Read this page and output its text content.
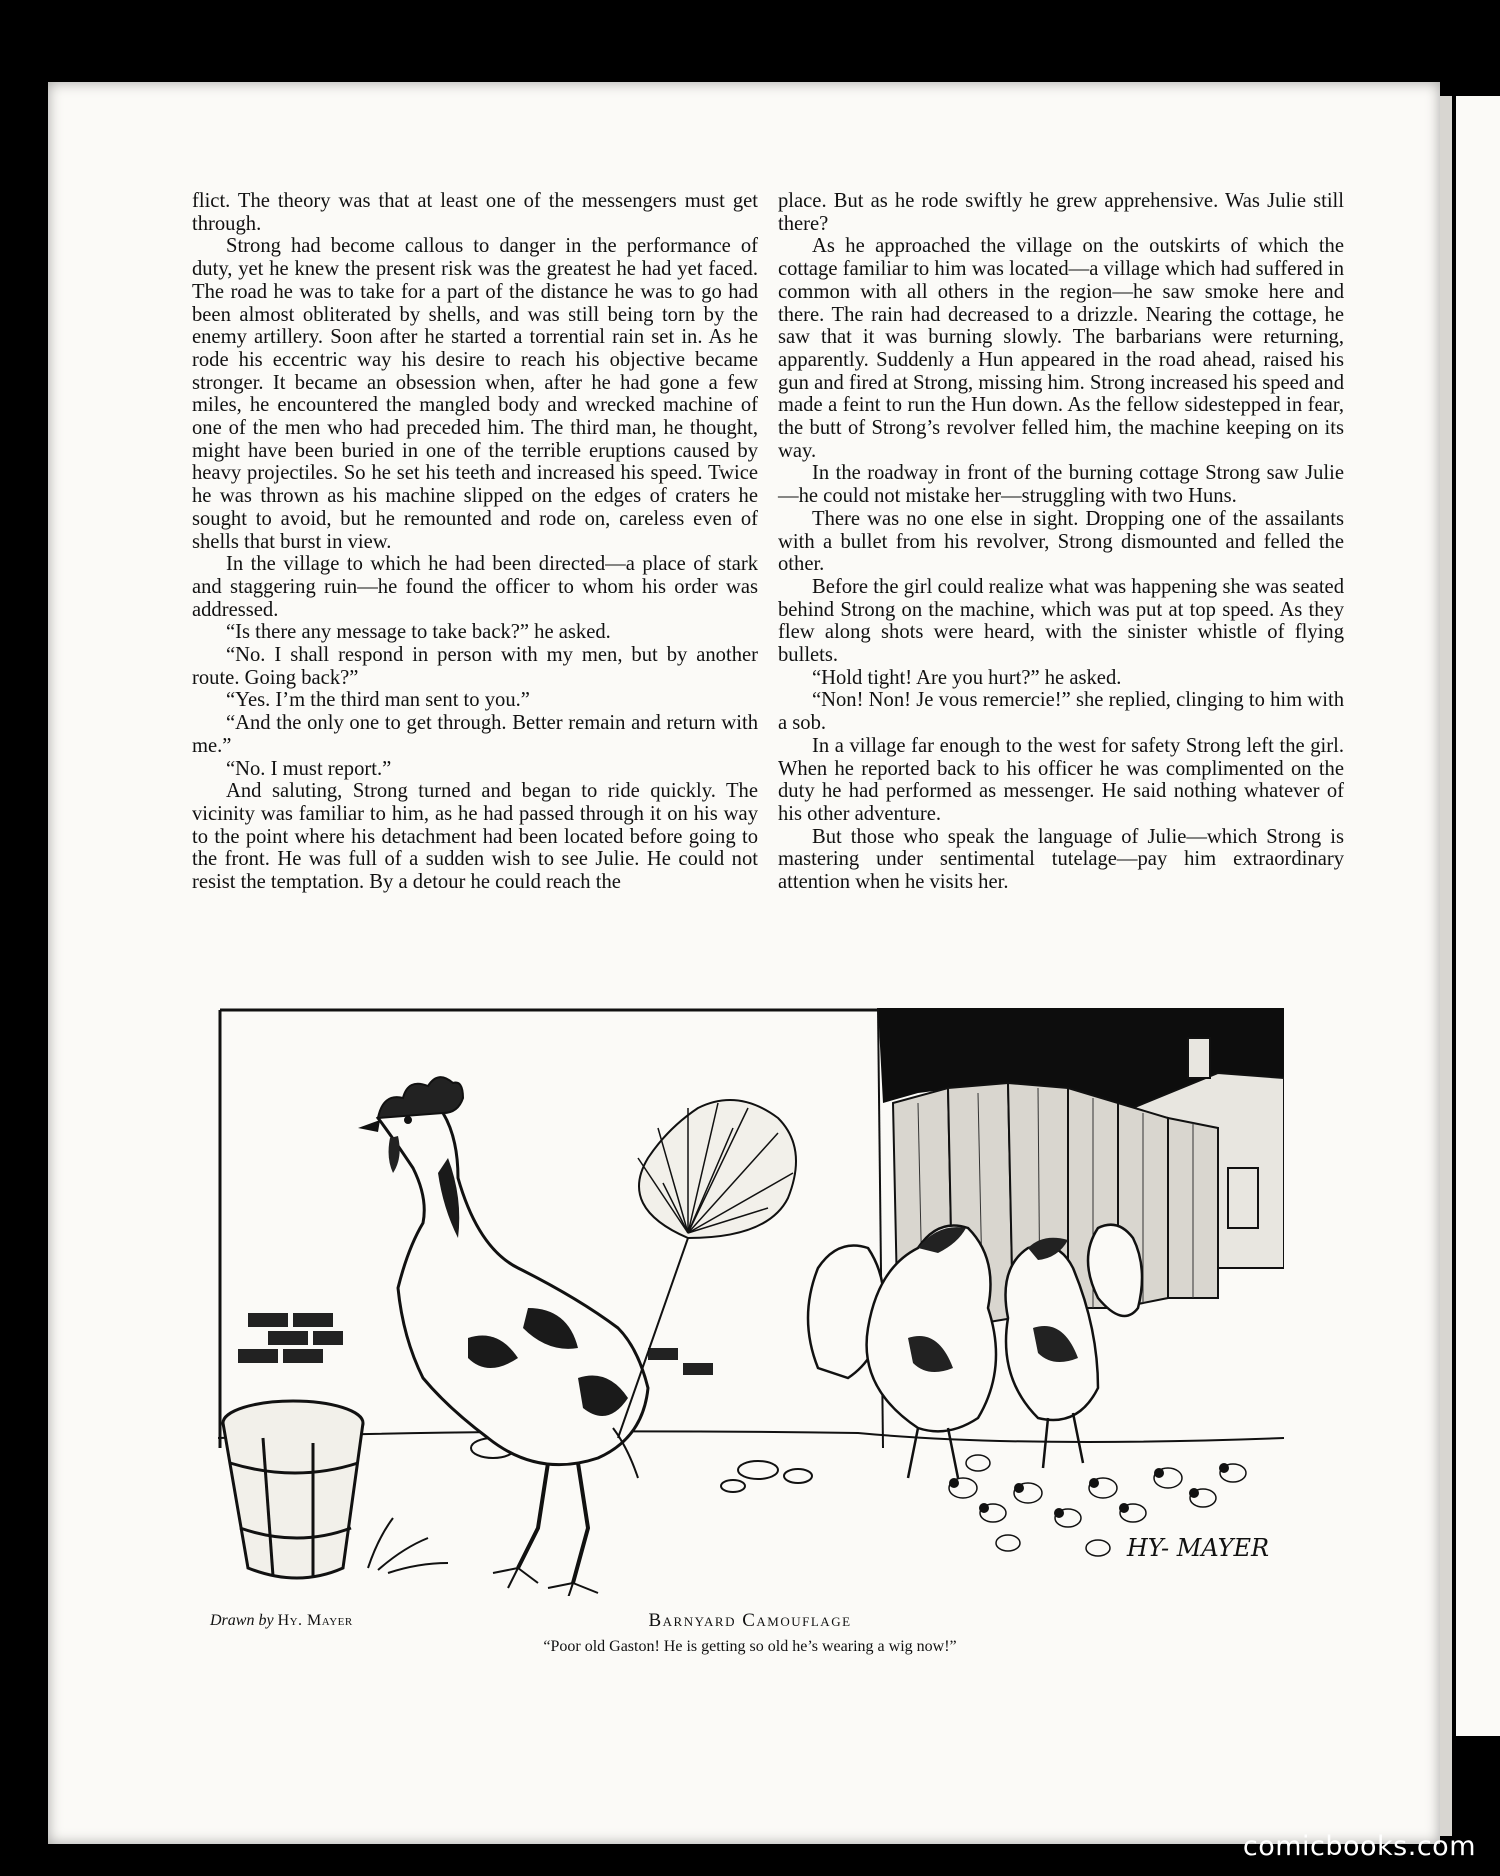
flict. The theory was that at least one of the messengers must get through.

Strong had become callous to danger in the performance of duty, yet he knew the present risk was the greatest he had yet faced. The road he was to take for a part of the distance he was to go had been almost obliterated by shells, and was still being torn by the enemy artillery. Soon after he started a torrential rain set in. As he rode his eccentric way his desire to reach his objective became stronger. It became an obsession when, after he had gone a few miles, he encountered the mangled body and wrecked machine of one of the men who had preceded him. The third man, he thought, might have been buried in one of the terrible eruptions caused by heavy projectiles. So he set his teeth and increased his speed. Twice he was thrown as his machine slipped on the edges of craters he sought to avoid, but he remounted and rode on, careless even of shells that burst in view.

In the village to which he had been directed—a place of stark and staggering ruin—he found the officer to whom his order was addressed.

“Is there any message to take back?” he asked.

“No. I shall respond in person with my men, but by another route. Going back?”

“Yes. I’m the third man sent to you.”

“And the only one to get through. Better remain and return with me.”

“No. I must report.”

And saluting, Strong turned and began to ride quickly. The vicinity was familiar to him, as he had passed through it on his way to the point where his detachment had been located before going to the front. He was full of a sudden wish to see Julie. He could not resist the temptation. By a detour he could reach the

place. But as he rode swiftly he grew apprehensive. Was Julie still there?

As he approached the village on the outskirts of which the cottage familiar to him was located—a village which had suffered in common with all others in the region—he saw smoke here and there. The rain had decreased to a drizzle. Nearing the cottage, he saw that it was burning slowly. The barbarians were returning, apparently. Suddenly a Hun appeared in the road ahead, raised his gun and fired at Strong, missing him. Strong increased his speed and made a feint to run the Hun down. As the fellow sidestepped in fear, the butt of Strong’s revolver felled him, the machine keeping on its way.

In the roadway in front of the burning cottage Strong saw Julie—he could not mistake her—struggling with two Huns.

There was no one else in sight. Dropping one of the assailants with a bullet from his revolver, Strong dismounted and felled the other.

Before the girl could realize what was happening she was seated behind Strong on the machine, which was put at top speed. As they flew along shots were heard, with the sinister whistle of flying bullets.

“Hold tight! Are you hurt?” he asked.

“Non! Non! Je vous remercie!” she replied, clinging to him with a sob.

In a village far enough to the west for safety Strong left the girl. When he reported back to his officer he was complimented on the duty he had performed as messenger. He said nothing whatever of his other adventure.

But those who speak the language of Julie—which Strong is mastering under sentimental tutelage—pay him extraordinary attention when he visits her.

HY- MAYER
Drawn by Hy. Mayer	Barnyard Camouflage
“Poor old Gaston! He is getting so old he’s wearing a wig now!”
comicbooks.com
